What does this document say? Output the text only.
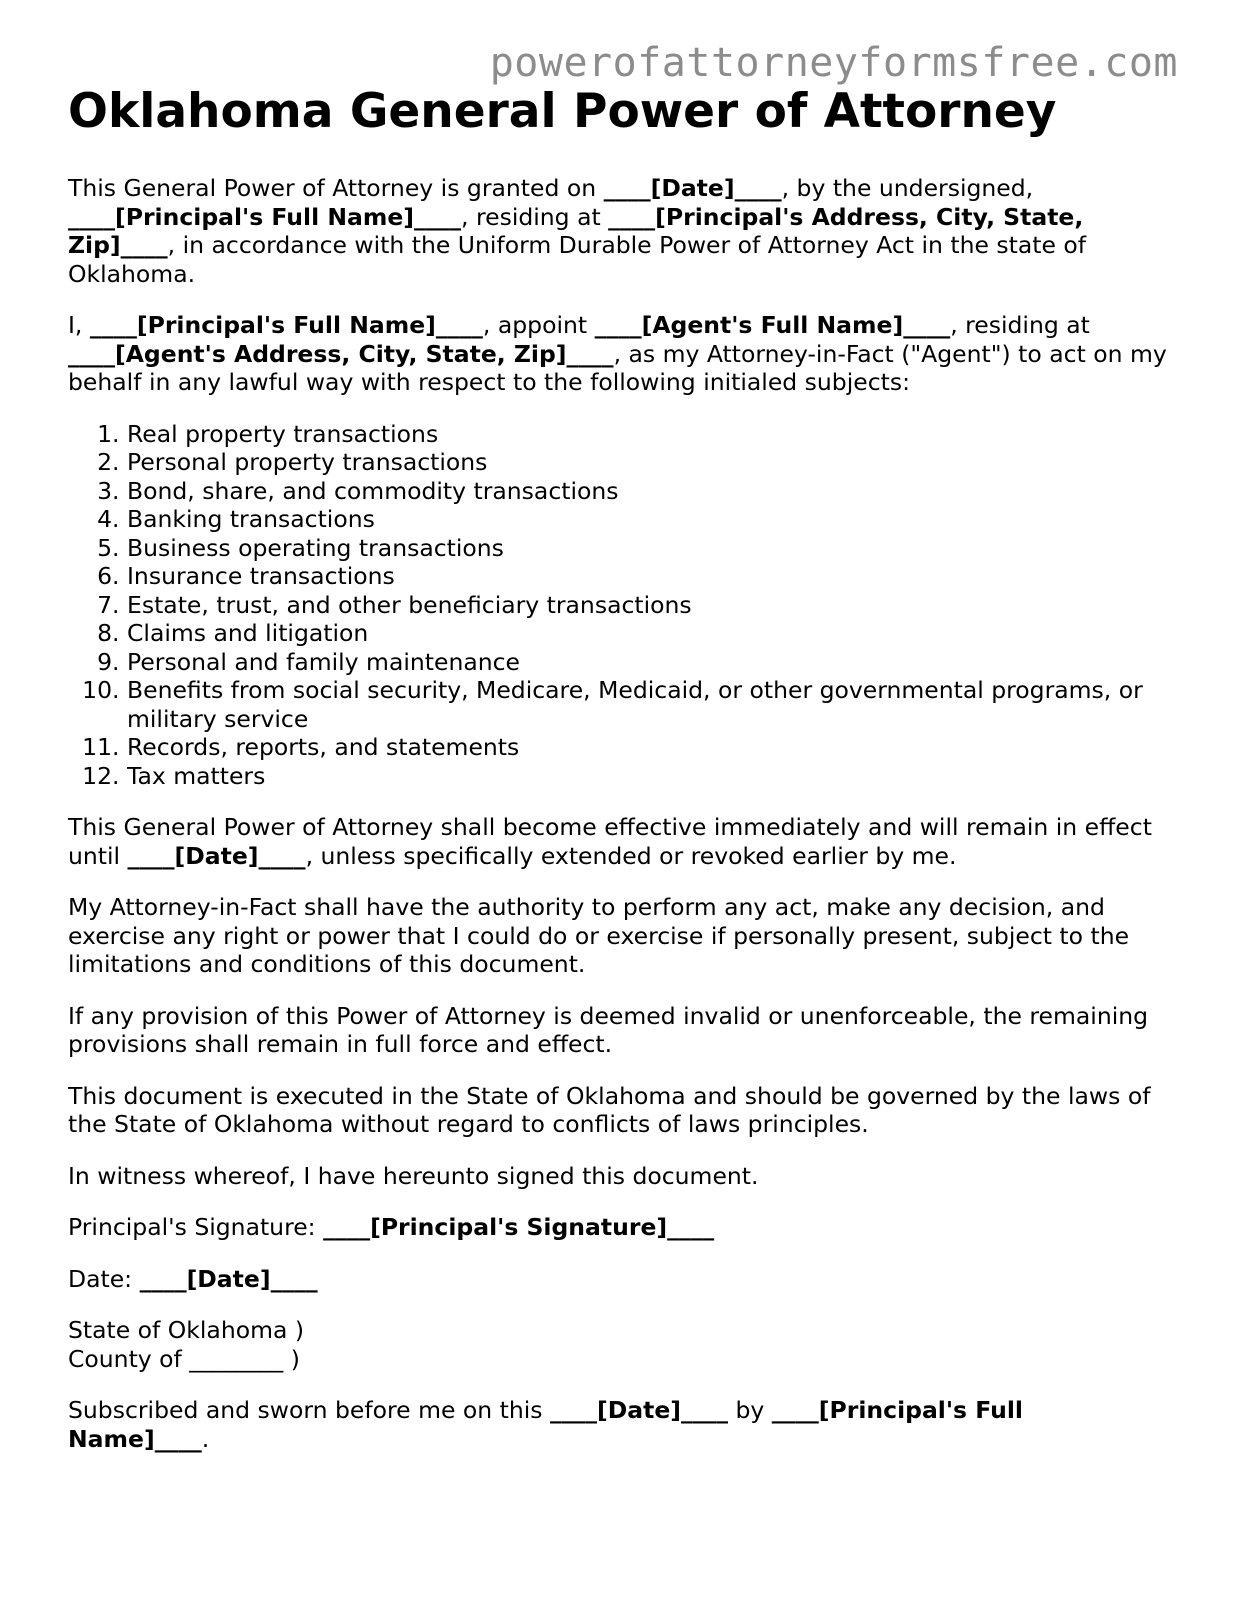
powerofattorneyformsfree.com
Oklahoma General Power of Attorney

This General Power of Attorney is granted on ____[Date]____, by the undersigned, ____[Principal's Full Name]____, residing at ____[Principal's Address, City, State, Zip]____, in accordance with the Uniform Durable Power of Attorney Act in the state of Oklahoma.

I, ____[Principal's Full Name]____, appoint ____[Agent's Full Name]____, residing at ____[Agent's Address, City, State, Zip]____, as my Attorney-in-Fact ("Agent") to act on my behalf in any lawful way with respect to the following initialed subjects:

1. Real property transactions
2. Personal property transactions
3. Bond, share, and commodity transactions
4. Banking transactions
5. Business operating transactions
6. Insurance transactions
7. Estate, trust, and other beneficiary transactions
8. Claims and litigation
9. Personal and family maintenance
10. Benefits from social security, Medicare, Medicaid, or other governmental programs, or military service
11. Records, reports, and statements
12. Tax matters

This General Power of Attorney shall become effective immediately and will remain in effect until ____[Date]____, unless specifically extended or revoked earlier by me.

My Attorney-in-Fact shall have the authority to perform any act, make any decision, and exercise any right or power that I could do or exercise if personally present, subject to the limitations and conditions of this document.

If any provision of this Power of Attorney is deemed invalid or unenforceable, the remaining provisions shall remain in full force and effect.

This document is executed in the State of Oklahoma and should be governed by the laws of the State of Oklahoma without regard to conflicts of laws principles.

In witness whereof, I have hereunto signed this document.

Principal's Signature: ____[Principal's Signature]____

Date: ____[Date]____

State of Oklahoma )
County of ________ )

Subscribed and sworn before me on this ____[Date]____ by ____[Principal's Full Name]____.
